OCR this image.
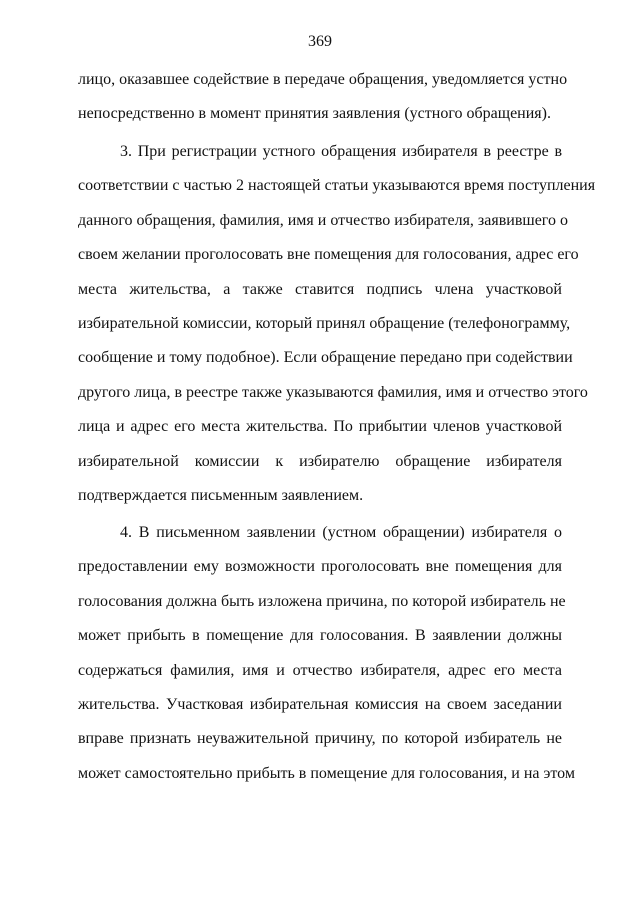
369
лицо, оказавшее содействие в передаче обращения, уведомляется устно
непосредственно в момент принятия заявления (устного обращения).
3. При регистрации устного обращения избирателя в реестре в
соответствии с частью 2 настоящей статьи указываются время поступления
данного обращения, фамилия, имя и отчество избирателя, заявившего о
своем желании проголосовать вне помещения для голосования, адрес его
места жительства, а также ставится подпись члена участковой
избирательной комиссии, который принял обращение (телефонограмму,
сообщение и тому подобное). Если обращение передано при содействии
другого лица, в реестре также указываются фамилия, имя и отчество этого
лица и адрес его места жительства. По прибытии членов участковой
избирательной комиссии к избирателю обращение избирателя
подтверждается письменным заявлением.
4. В письменном заявлении (устном обращении) избирателя о
предоставлении ему возможности проголосовать вне помещения для
голосования должна быть изложена причина, по которой избиратель не
может прибыть в помещение для голосования. В заявлении должны
содержаться фамилия, имя и отчество избирателя, адрес его места
жительства. Участковая избирательная комиссия на своем заседании
вправе признать неуважительной причину, по которой избиратель не
может самостоятельно прибыть в помещение для голосования, и на этом
